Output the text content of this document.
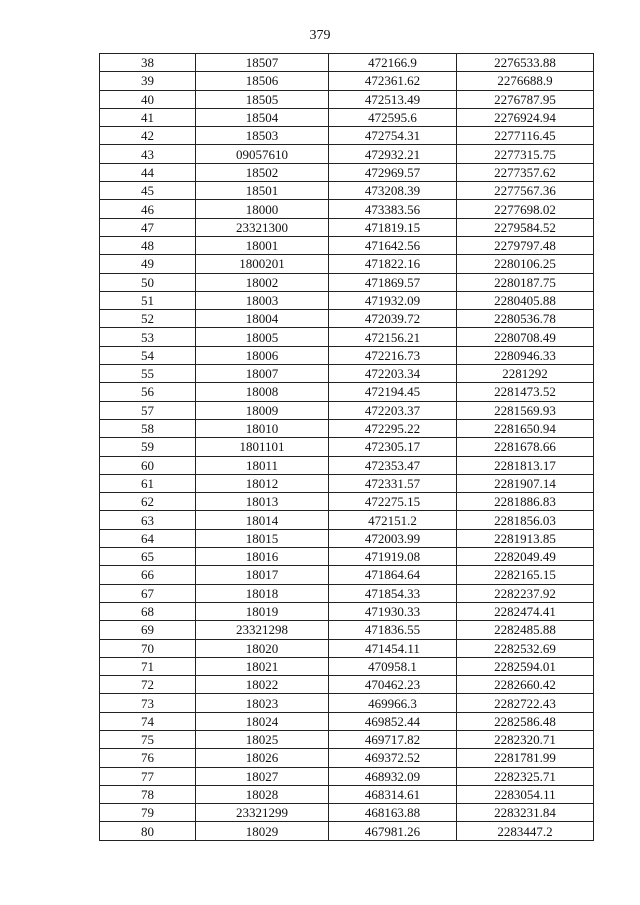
379
38	18507	472166.9	2276533.88
39	18506	472361.62	2276688.9
40	18505	472513.49	2276787.95
41	18504	472595.6	2276924.94
42	18503	472754.31	2277116.45
43	09057610	472932.21	2277315.75
44	18502	472969.57	2277357.62
45	18501	473208.39	2277567.36
46	18000	473383.56	2277698.02
47	23321300	471819.15	2279584.52
48	18001	471642.56	2279797.48
49	1800201	471822.16	2280106.25
50	18002	471869.57	2280187.75
51	18003	471932.09	2280405.88
52	18004	472039.72	2280536.78
53	18005	472156.21	2280708.49
54	18006	472216.73	2280946.33
55	18007	472203.34	2281292
56	18008	472194.45	2281473.52
57	18009	472203.37	2281569.93
58	18010	472295.22	2281650.94
59	1801101	472305.17	2281678.66
60	18011	472353.47	2281813.17
61	18012	472331.57	2281907.14
62	18013	472275.15	2281886.83
63	18014	472151.2	2281856.03
64	18015	472003.99	2281913.85
65	18016	471919.08	2282049.49
66	18017	471864.64	2282165.15
67	18018	471854.33	2282237.92
68	18019	471930.33	2282474.41
69	23321298	471836.55	2282485.88
70	18020	471454.11	2282532.69
71	18021	470958.1	2282594.01
72	18022	470462.23	2282660.42
73	18023	469966.3	2282722.43
74	18024	469852.44	2282586.48
75	18025	469717.82	2282320.71
76	18026	469372.52	2281781.99
77	18027	468932.09	2282325.71
78	18028	468314.61	2283054.11
79	23321299	468163.88	2283231.84
80	18029	467981.26	2283447.2
